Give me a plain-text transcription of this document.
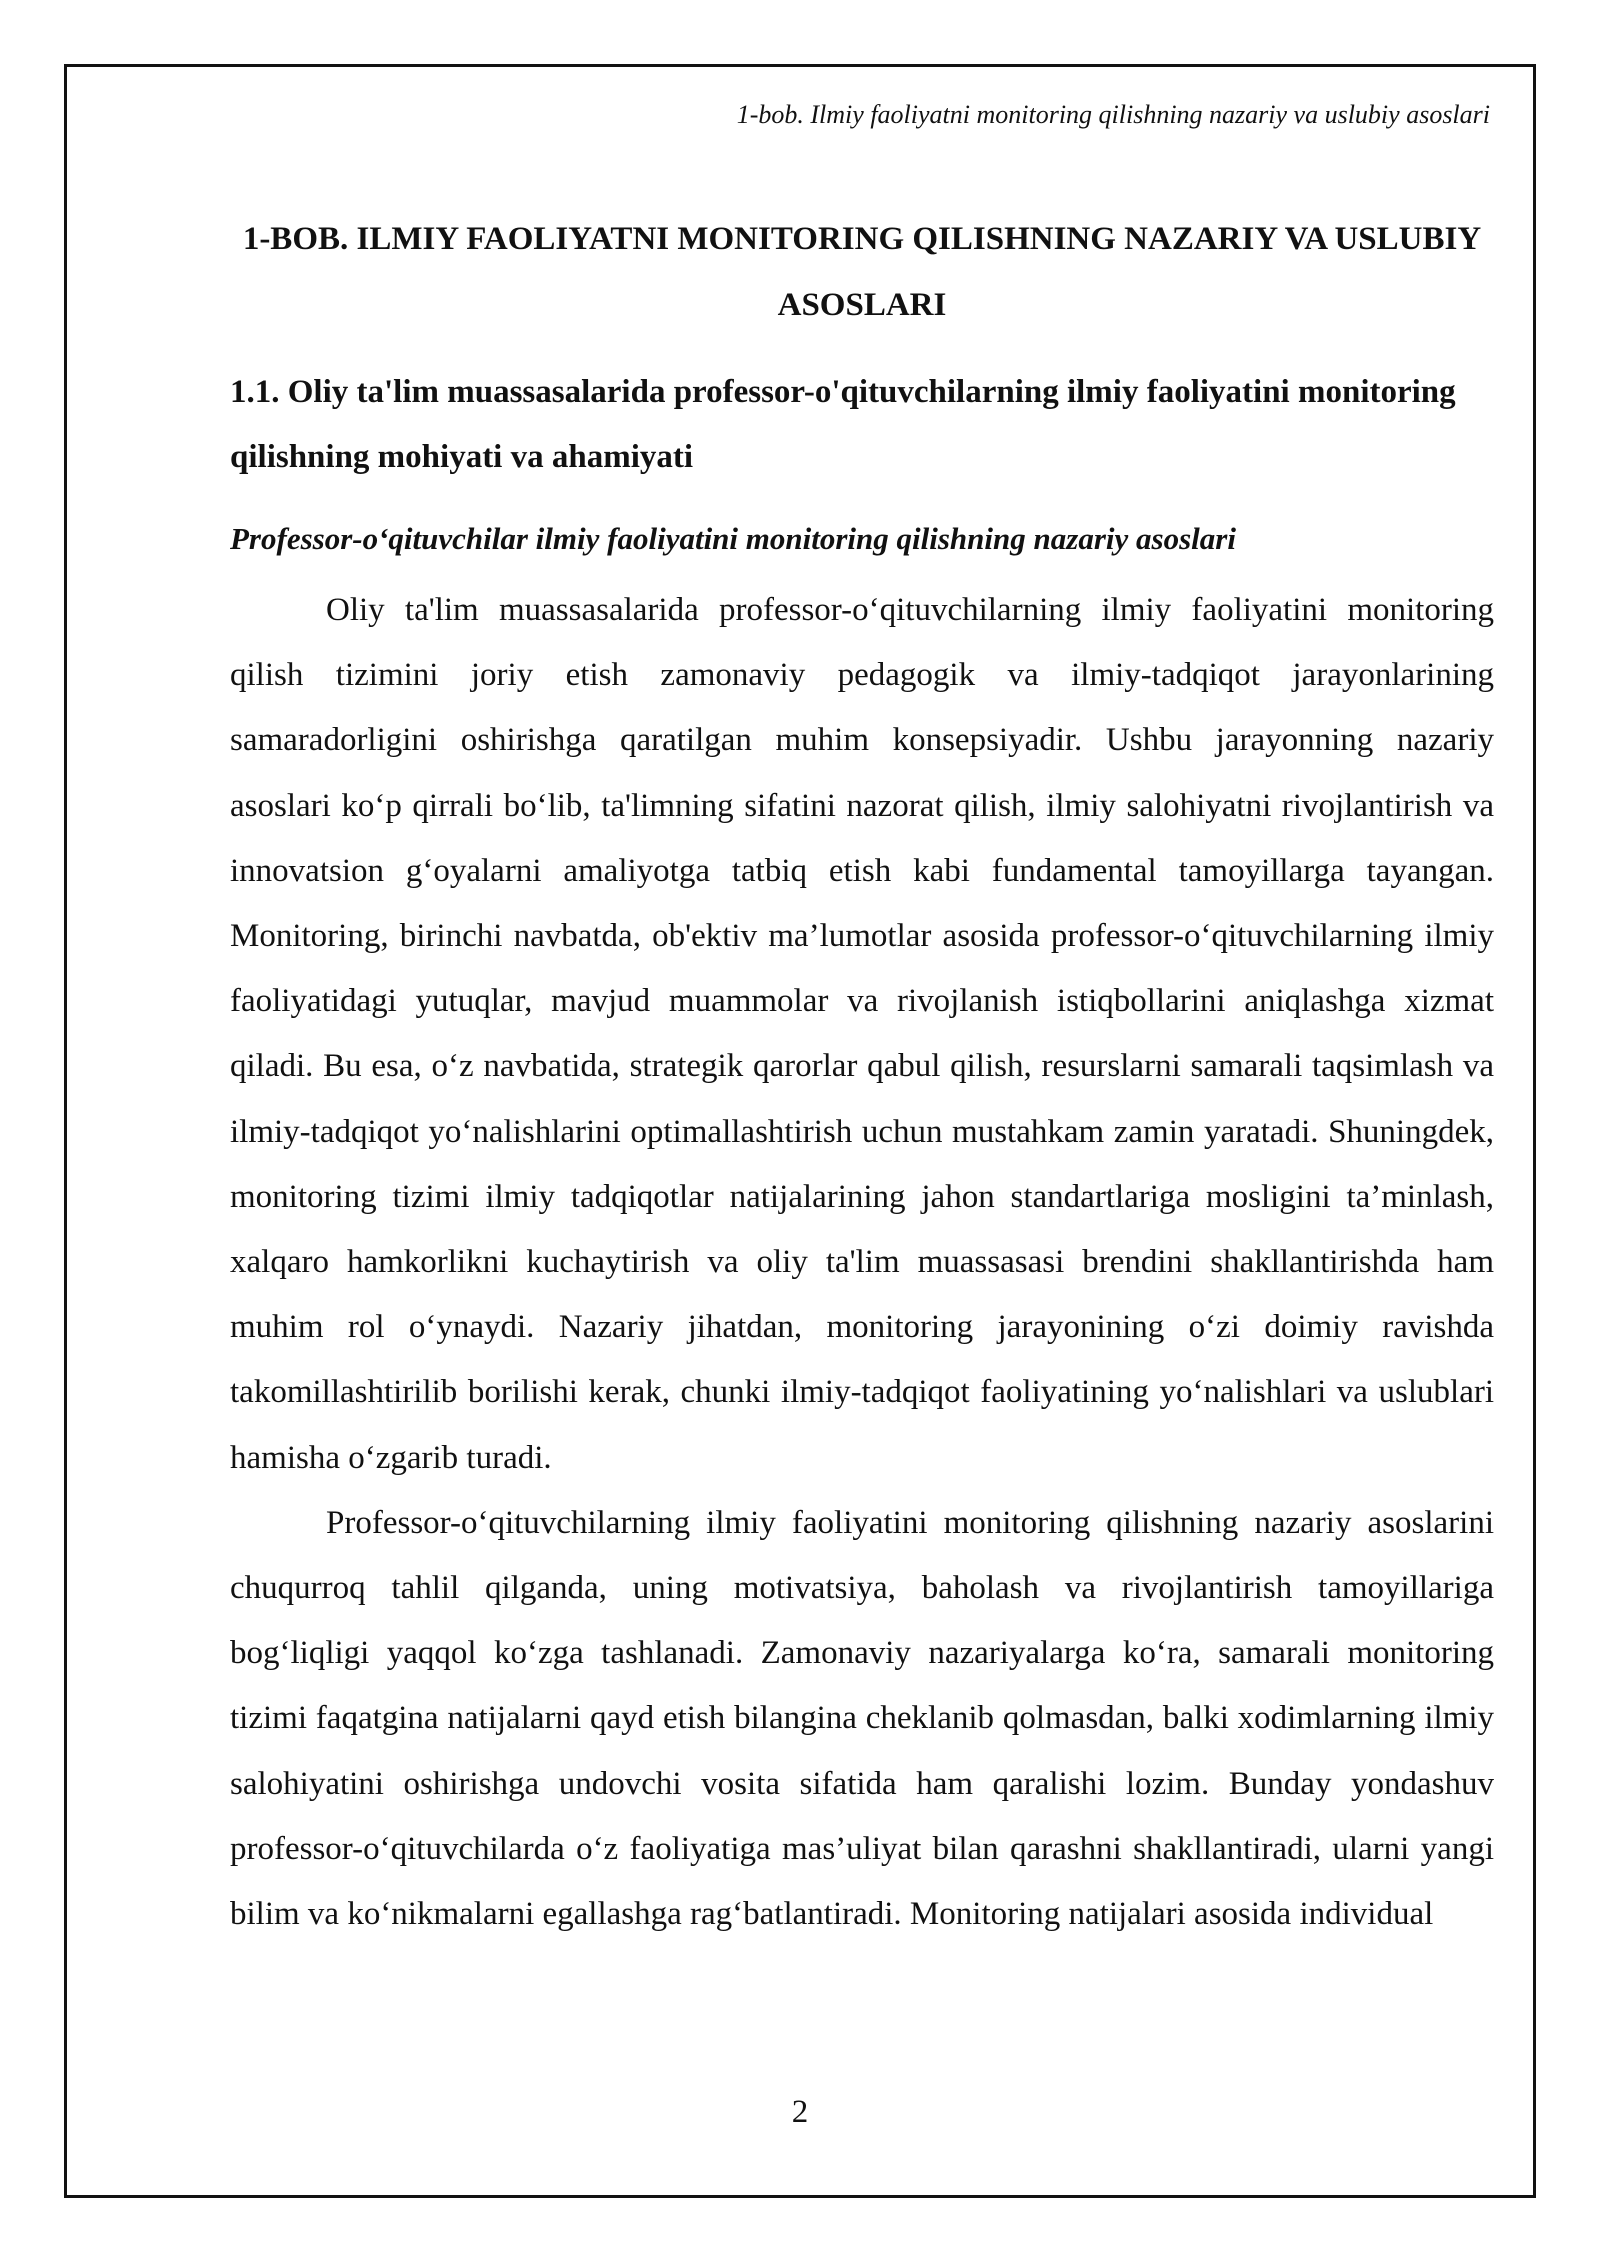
1-bob. Ilmiy faoliyatni monitoring qilishning nazariy va uslubiy asoslari
1-BOB. ILMIY FAOLIYATNI MONITORING QILISHNING NAZARIY VA USLUBIY ASOSLARI
1.1. Oliy ta'lim muassasalarida professor-o'qituvchilarning ilmiy faoliyatini monitoring qilishning mohiyati va ahamiyati
Professor-o‘qituvchilar ilmiy faoliyatini monitoring qilishning nazariy asoslari

Oliy ta'lim muassasalarida professor-o‘qituvchilarning ilmiy faoliyatini monitoring qilish tizimini joriy etish zamonaviy pedagogik va ilmiy-tadqiqot jarayonlarining samaradorligini oshirishga qaratilgan muhim konsepsiyadir. Ushbu jarayonning nazariy asoslari ko‘p qirrali bo‘lib, ta'limning sifatini nazorat qilish, ilmiy salohiyatni rivojlantirish va innovatsion g‘oyalarni amaliyotga tatbiq etish kabi fundamental tamoyillarga tayangan. Monitoring, birinchi navbatda, ob'ektiv ma’lumotlar asosida professor-o‘qituvchilarning ilmiy faoliyatidagi yutuqlar, mavjud muammolar va rivojlanish istiqbollarini aniqlashga xizmat qiladi. Bu esa, o‘z navbatida, strategik qarorlar qabul qilish, resurslarni samarali taqsimlash va ilmiy-tadqiqot yo‘nalishlarini optimallashtirish uchun mustahkam zamin yaratadi. Shuningdek, monitoring tizimi ilmiy tadqiqotlar natijalarining jahon standartlariga mosligini ta’minlash, xalqaro hamkorlikni kuchaytirish va oliy ta'lim muassasasi brendini shakllantirishda ham muhim rol o‘ynaydi. Nazariy jihatdan, monitoring jarayonining o‘zi doimiy ravishda takomillashtirilib borilishi kerak, chunki ilmiy-tadqiqot faoliyatining yo‘nalishlari va uslublari hamisha o‘zgarib turadi.

Professor-o‘qituvchilarning ilmiy faoliyatini monitoring qilishning nazariy asoslarini chuqurroq tahlil qilganda, uning motivatsiya, baholash va rivojlantirish tamoyillariga bog‘liqligi yaqqol ko‘zga tashlanadi. Zamonaviy nazariyalarga ko‘ra, samarali monitoring tizimi faqatgina natijalarni qayd etish bilangina cheklanib qolmasdan, balki xodimlarning ilmiy salohiyatini oshirishga undovchi vosita sifatida ham qaralishi lozim. Bunday yondashuv professor-o‘qituvchilarda o‘z faoliyatiga mas’uliyat bilan qarashni shakllantiradi, ularni yangi bilim va ko‘nikmalarni egallashga rag‘batlantiradi. Monitoring natijalari asosida individual

2
